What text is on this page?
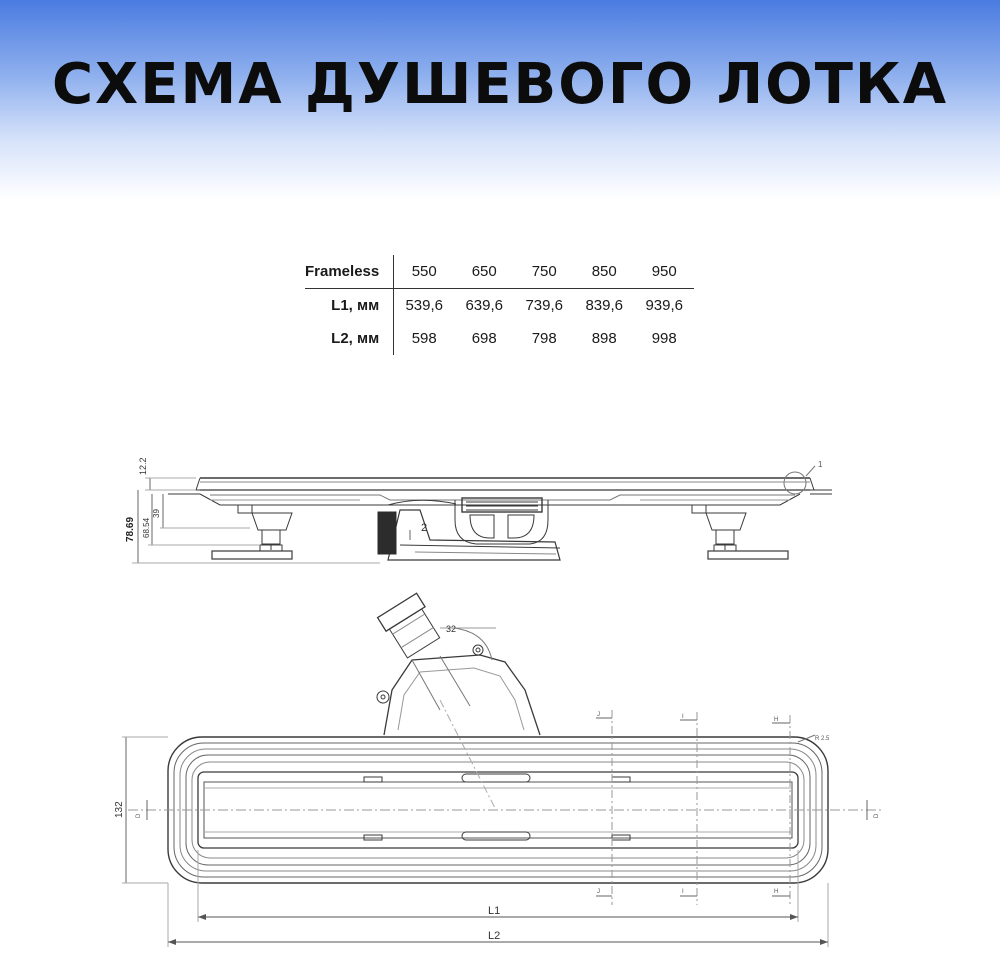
СХЕМА ДУШЕВОГО ЛОТКА
Frameless	550	650	750	850	950
L1, мм	539,6	639,6	739,6	839,6	939,6
L2, мм	598	698	798	898	998
1
12.2
78.69 68.54
39
2
32
J	I	H
J	I	H
D	D
R 2.5
132
L1
L2
